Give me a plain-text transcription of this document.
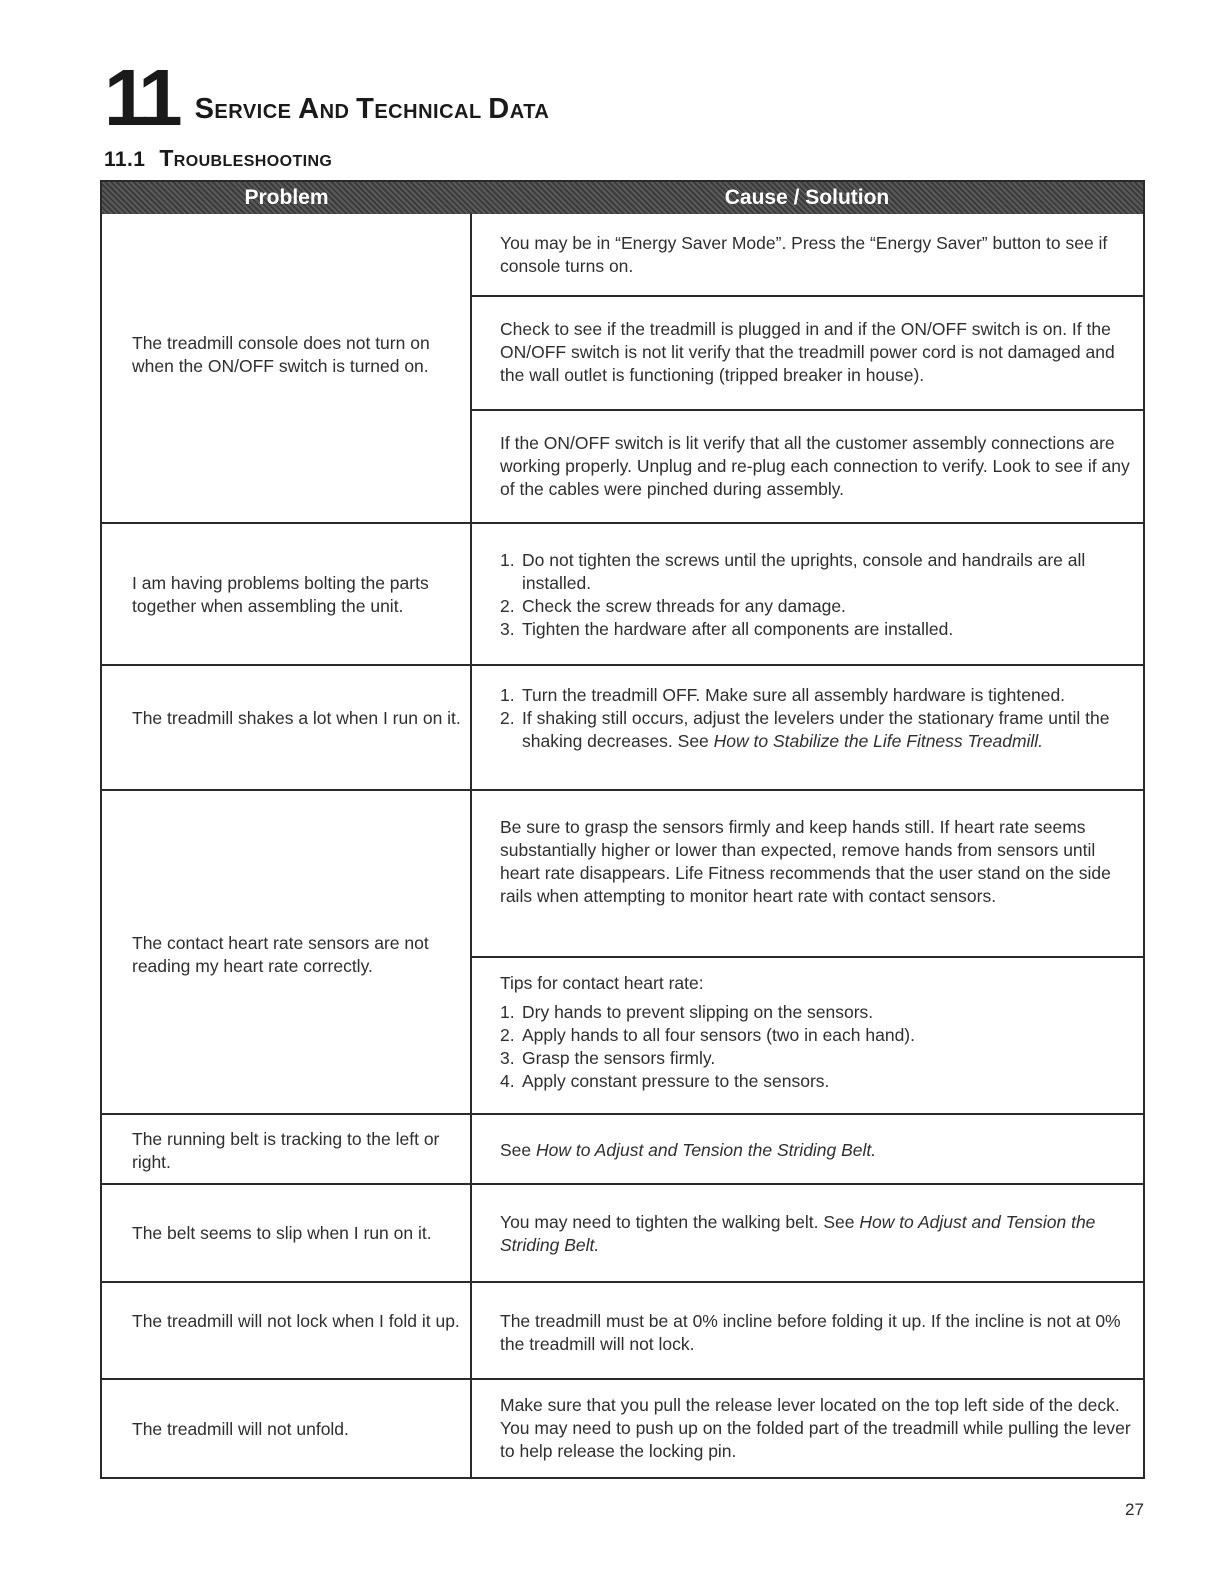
11 Service And Technical Data
11.1 Troubleshooting
Problem	Cause / Solution
The treadmill console does not turn on when the ON/OFF switch is turned on.
You may be in “Energy Saver Mode”. Press the “Energy Saver” button to see if console turns on.
Check to see if the treadmill is plugged in and if the ON/OFF switch is on. If the ON/OFF switch is not lit verify that the treadmill power cord is not damaged and the wall outlet is functioning (tripped breaker in house).
If the ON/OFF switch is lit verify that all the customer assembly connections are working properly. Unplug and re-plug each connection to verify. Look to see if any of the cables were pinched during assembly.
I am having problems bolting the parts together when assembling the unit.
1. Do not tighten the screws until the uprights, console and handrails are all installed.
2. Check the screw threads for any damage.
3. Tighten the hardware after all components are installed.
The treadmill shakes a lot when I run on it.
1. Turn the treadmill OFF. Make sure all assembly hardware is tightened.
2. If shaking still occurs, adjust the levelers under the stationary frame until the shaking decreases. See How to Stabilize the Life Fitness Treadmill.
The contact heart rate sensors are not reading my heart rate correctly.
Be sure to grasp the sensors firmly and keep hands still. If heart rate seems substantially higher or lower than expected, remove hands from sensors until heart rate disappears. Life Fitness recommends that the user stand on the side rails when attempting to monitor heart rate with contact sensors.
Tips for contact heart rate:
1. Dry hands to prevent slipping on the sensors.
2. Apply hands to all four sensors (two in each hand).
3. Grasp the sensors firmly.
4. Apply constant pressure to the sensors.
The running belt is tracking to the left or right.
See How to Adjust and Tension the Striding Belt.
The belt seems to slip when I run on it.
You may need to tighten the walking belt. See How to Adjust and Tension the Striding Belt.
The treadmill will not lock when I fold it up.	The treadmill must be at 0% incline before folding it up. If the incline is not at 0% the treadmill will not lock.
The treadmill will not unfold.
Make sure that you pull the release lever located on the top left side of the deck. You may need to push up on the folded part of the treadmill while pulling the lever to help release the locking pin.
27
